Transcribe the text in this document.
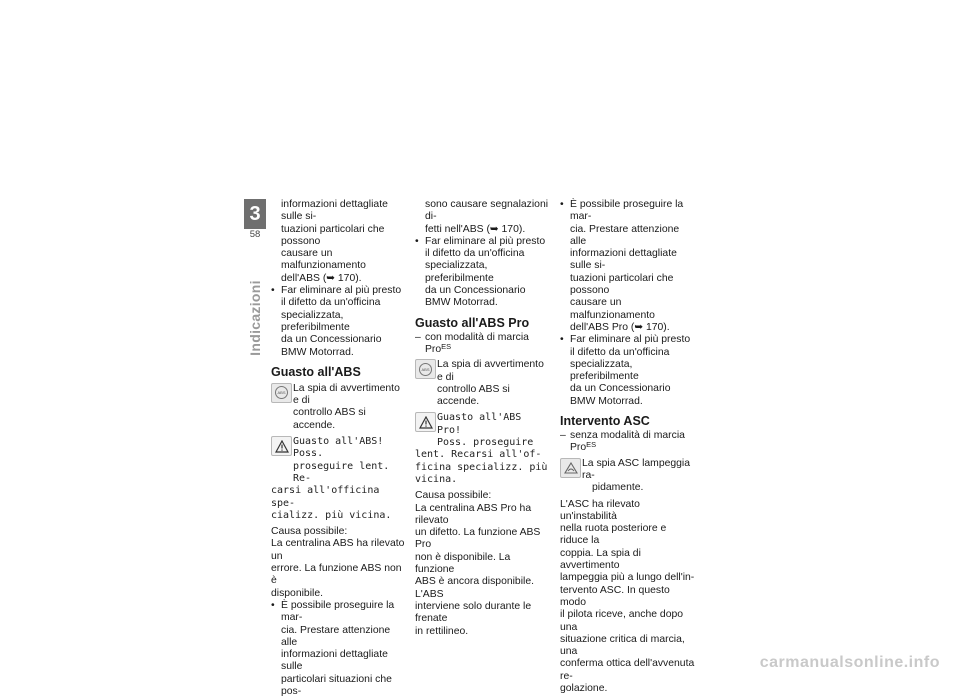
3
58
Indicazioni
informazioni dettagliate sulle si-
tuazioni particolari che possono
causare un malfunzionamento
dell'ABS (➥ 170).
• Far eliminare al più presto
il difetto da un'officina
specializzata, preferibilmente
da un Concessionario
BMW Motorrad.
Guasto all'ABS
ABS La spia di avvertimento e di
controllo ABS si accende.
Guasto all'ABS! Poss.
proseguire lent. Re-
carsi all'officina spe-
cializz. più vicina.
Causa possibile:
La centralina ABS ha rilevato un
errore. La funzione ABS non è
disponibile.
• È possibile proseguire la mar-
cia. Prestare attenzione alle
informazioni dettagliate sulle
particolari situazioni che pos-
sono causare segnalazioni di-
fetti nell'ABS (➥ 170).
• Far eliminare al più presto
il difetto da un'officina
specializzata, preferibilmente
da un Concessionario
BMW Motorrad.
Guasto all'ABS Pro
– con modalità di marcia Pro$^{ES}$
ABS La spia di avvertimento e di
controllo ABS si accende.
Guasto all'ABS Pro!
Poss. proseguire
lent. Recarsi all'of-
ficina specializz. più
vicina.
Causa possibile:
La centralina ABS Pro ha rilevato
un difetto. La funzione ABS Pro
non è disponibile. La funzione
ABS è ancora disponibile. L'ABS
interviene solo durante le frenate
in rettilineo.
• È possibile proseguire la mar-
cia. Prestare attenzione alle
informazioni dettagliate sulle si-
tuazioni particolari che possono
causare un malfunzionamento
dell'ABS Pro (➥ 170).
• Far eliminare al più presto
il difetto da un'officina
specializzata, preferibilmente
da un Concessionario
BMW Motorrad.
Intervento ASC
– senza modalità di marcia Pro$^{ES}$
La spia ASC lampeggia ra-
pidamente.
L'ASC ha rilevato un'instabilità
nella ruota posteriore e riduce la
coppia. La spia di avvertimento
lampeggia più a lungo dell'in-
tervento ASC. In questo modo
il pilota riceve, anche dopo una
situazione critica di marcia, una
conferma ottica dell'avvenuta re-
golazione.
carmanualsonline.info
